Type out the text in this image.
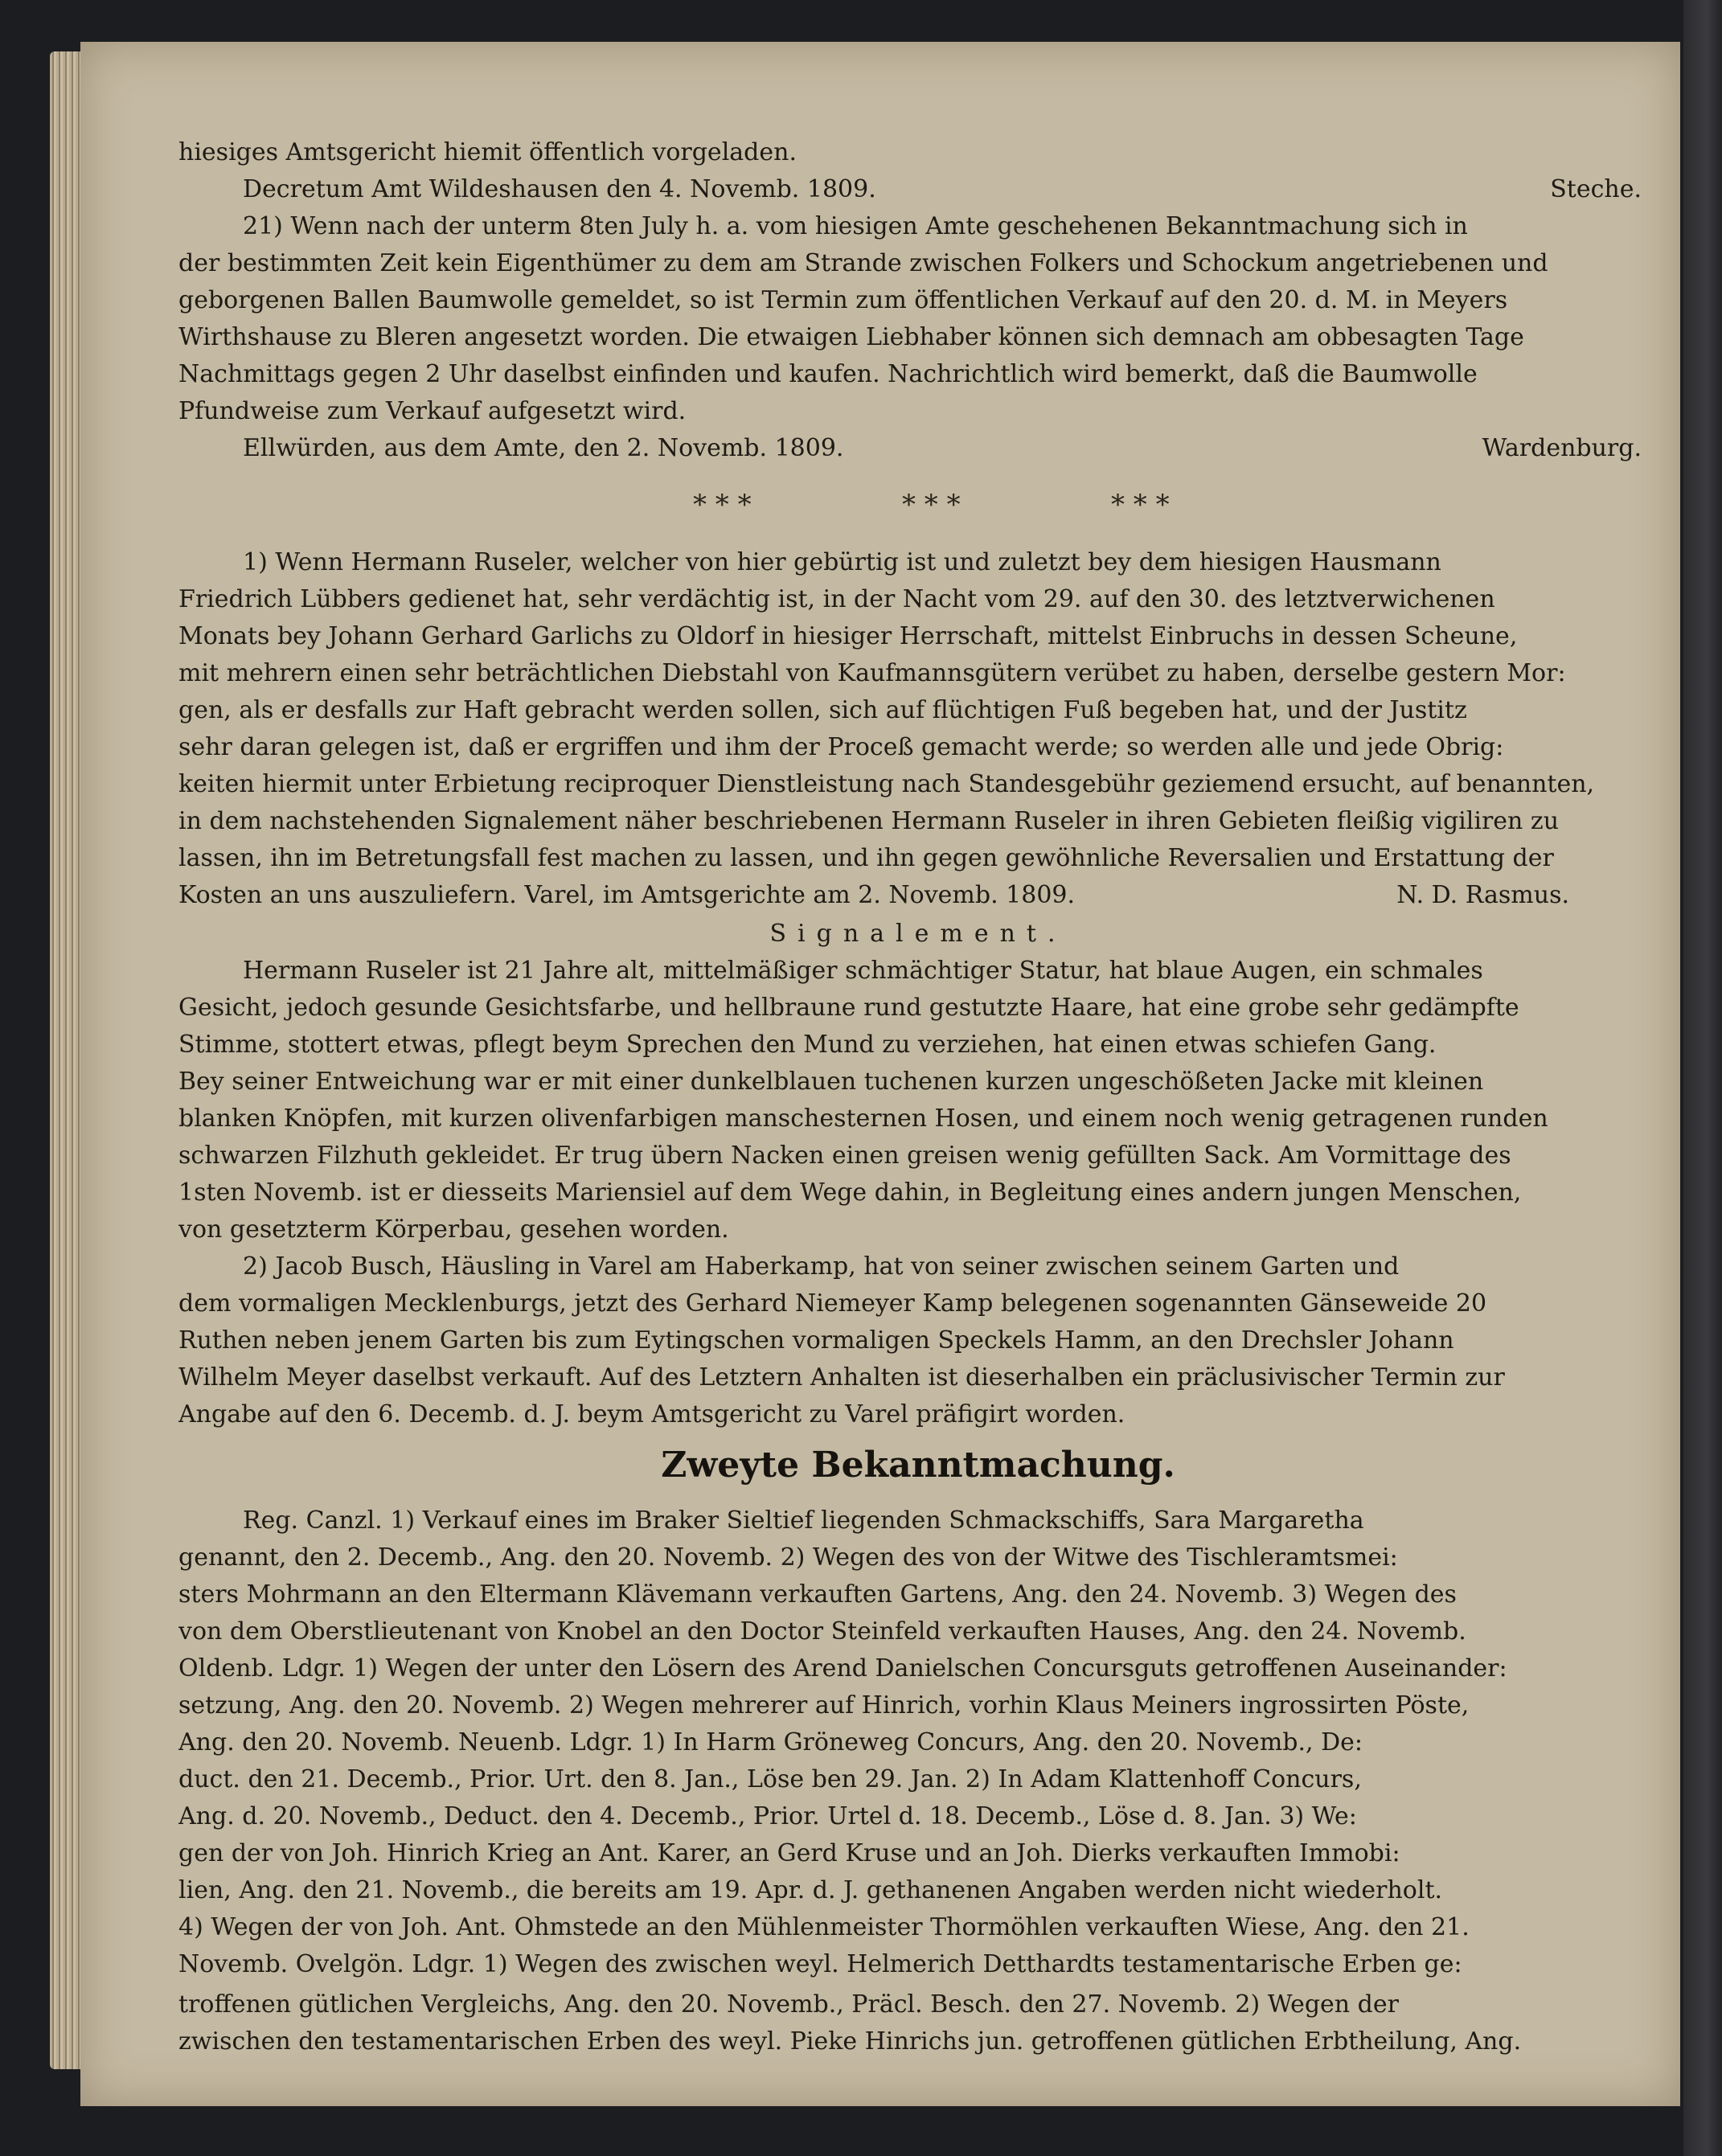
hiesiges Amtsgericht hiemit öffentlich vorgeladen.
Decretum Amt Wildeshausen den 4. Novemb. 1809.	Steche.
21) Wenn nach der unterm 8ten July h. a. vom hiesigen Amte geschehenen Bekanntmachung sich in
der bestimmten Zeit kein Eigenthümer zu dem am Strande zwischen Folkers und Schockum angetriebenen und
geborgenen Ballen Baumwolle gemeldet, so ist Termin zum öffentlichen Verkauf auf den 20. d. M. in Meyers
Wirthshause zu Bleren angesetzt worden. Die etwaigen Liebhaber können sich demnach am obbesagten Tage
Nachmittags gegen 2 Uhr daselbst einfinden und kaufen. Nachrichtlich wird bemerkt, daß die Baumwolle
Pfundweise zum Verkauf aufgesetzt wird.
Ellwürden, aus dem Amte, den 2. Novemb. 1809.	Wardenburg.
* * *	* * *	* * *
1) Wenn Hermann Ruseler, welcher von hier gebürtig ist und zuletzt bey dem hiesigen Hausmann
Friedrich Lübbers gedienet hat, sehr verdächtig ist, in der Nacht vom 29. auf den 30. des letztverwichenen
Monats bey Johann Gerhard Garlichs zu Oldorf in hiesiger Herrschaft, mittelst Einbruchs in dessen Scheune,
mit mehrern einen sehr beträchtlichen Diebstahl von Kaufmannsgütern verübet zu haben, derselbe gestern Mor:
gen, als er desfalls zur Haft gebracht werden sollen, sich auf flüchtigen Fuß begeben hat, und der Justitz
sehr daran gelegen ist, daß er ergriffen und ihm der Proceß gemacht werde; so werden alle und jede Obrig:
keiten hiermit unter Erbietung reciproquer Dienstleistung nach Standesgebühr geziemend ersucht, auf benannten,
in dem nachstehenden Signalement näher beschriebenen Hermann Ruseler in ihren Gebieten fleißig vigiliren zu
lassen, ihn im Betretungsfall fest machen zu lassen, und ihn gegen gewöhnliche Reversalien und Erstattung der
Kosten an uns auszuliefern. Varel, im Amtsgerichte am 2. Novemb. 1809.	N. D. Rasmus.
Signalement.
Hermann Ruseler ist 21 Jahre alt, mittelmäßiger schmächtiger Statur, hat blaue Augen, ein schmales
Gesicht, jedoch gesunde Gesichtsfarbe, und hellbraune rund gestutzte Haare, hat eine grobe sehr gedämpfte
Stimme, stottert etwas, pflegt beym Sprechen den Mund zu verziehen, hat einen etwas schiefen Gang.
Bey seiner Entweichung war er mit einer dunkelblauen tuchenen kurzen ungeschößeten Jacke mit kleinen
blanken Knöpfen, mit kurzen olivenfarbigen manschesternen Hosen, und einem noch wenig getragenen runden
schwarzen Filzhuth gekleidet. Er trug übern Nacken einen greisen wenig gefüllten Sack. Am Vormittage des
1sten Novemb. ist er diesseits Mariensiel auf dem Wege dahin, in Begleitung eines andern jungen Menschen,
von gesetzterm Körperbau, gesehen worden.
2) Jacob Busch, Häusling in Varel am Haberkamp, hat von seiner zwischen seinem Garten und
dem vormaligen Mecklenburgs, jetzt des Gerhard Niemeyer Kamp belegenen sogenannten Gänseweide 20
Ruthen neben jenem Garten bis zum Eytingschen vormaligen Speckels Hamm, an den Drechsler Johann
Wilhelm Meyer daselbst verkauft. Auf des Letztern Anhalten ist dieserhalben ein präclusivischer Termin zur
Angabe auf den 6. Decemb. d. J. beym Amtsgericht zu Varel präfigirt worden.
Zweyte Bekanntmachung.
Reg. Canzl. 1) Verkauf eines im Braker Sieltief liegenden Schmackschiffs, Sara Margaretha
genannt, den 2. Decemb., Ang. den 20. Novemb. 2) Wegen des von der Witwe des Tischleramtsmei:
sters Mohrmann an den Eltermann Klävemann verkauften Gartens, Ang. den 24. Novemb. 3) Wegen des
von dem Oberstlieutenant von Knobel an den Doctor Steinfeld verkauften Hauses, Ang. den 24. Novemb.
Oldenb. Ldgr. 1) Wegen der unter den Lösern des Arend Danielschen Concursguts getroffenen Auseinander:
setzung, Ang. den 20. Novemb. 2) Wegen mehrerer auf Hinrich, vorhin Klaus Meiners ingrossirten Pöste,
Ang. den 20. Novemb. Neuenb. Ldgr. 1) In Harm Gröneweg Concurs, Ang. den 20. Novemb., De:
duct. den 21. Decemb., Prior. Urt. den 8. Jan., Löse ben 29. Jan. 2) In Adam Klattenhoff Concurs,
Ang. d. 20. Novemb., Deduct. den 4. Decemb., Prior. Urtel d. 18. Decemb., Löse d. 8. Jan. 3) We:
gen der von Joh. Hinrich Krieg an Ant. Karer, an Gerd Kruse und an Joh. Dierks verkauften Immobi:
lien, Ang. den 21. Novemb., die bereits am 19. Apr. d. J. gethanenen Angaben werden nicht wiederholt.
4) Wegen der von Joh. Ant. Ohmstede an den Mühlenmeister Thormöhlen verkauften Wiese, Ang. den 21.
Novemb. Ovelgön. Ldgr. 1) Wegen des zwischen weyl. Helmerich Detthardts testamentarische Erben ge:
troffenen gütlichen Vergleichs, Ang. den 20. Novemb., Präcl. Besch. den 27. Novemb. 2) Wegen der
zwischen den testamentarischen Erben des weyl. Pieke Hinrichs jun. getroffenen gütlichen Erbtheilung, Ang.
